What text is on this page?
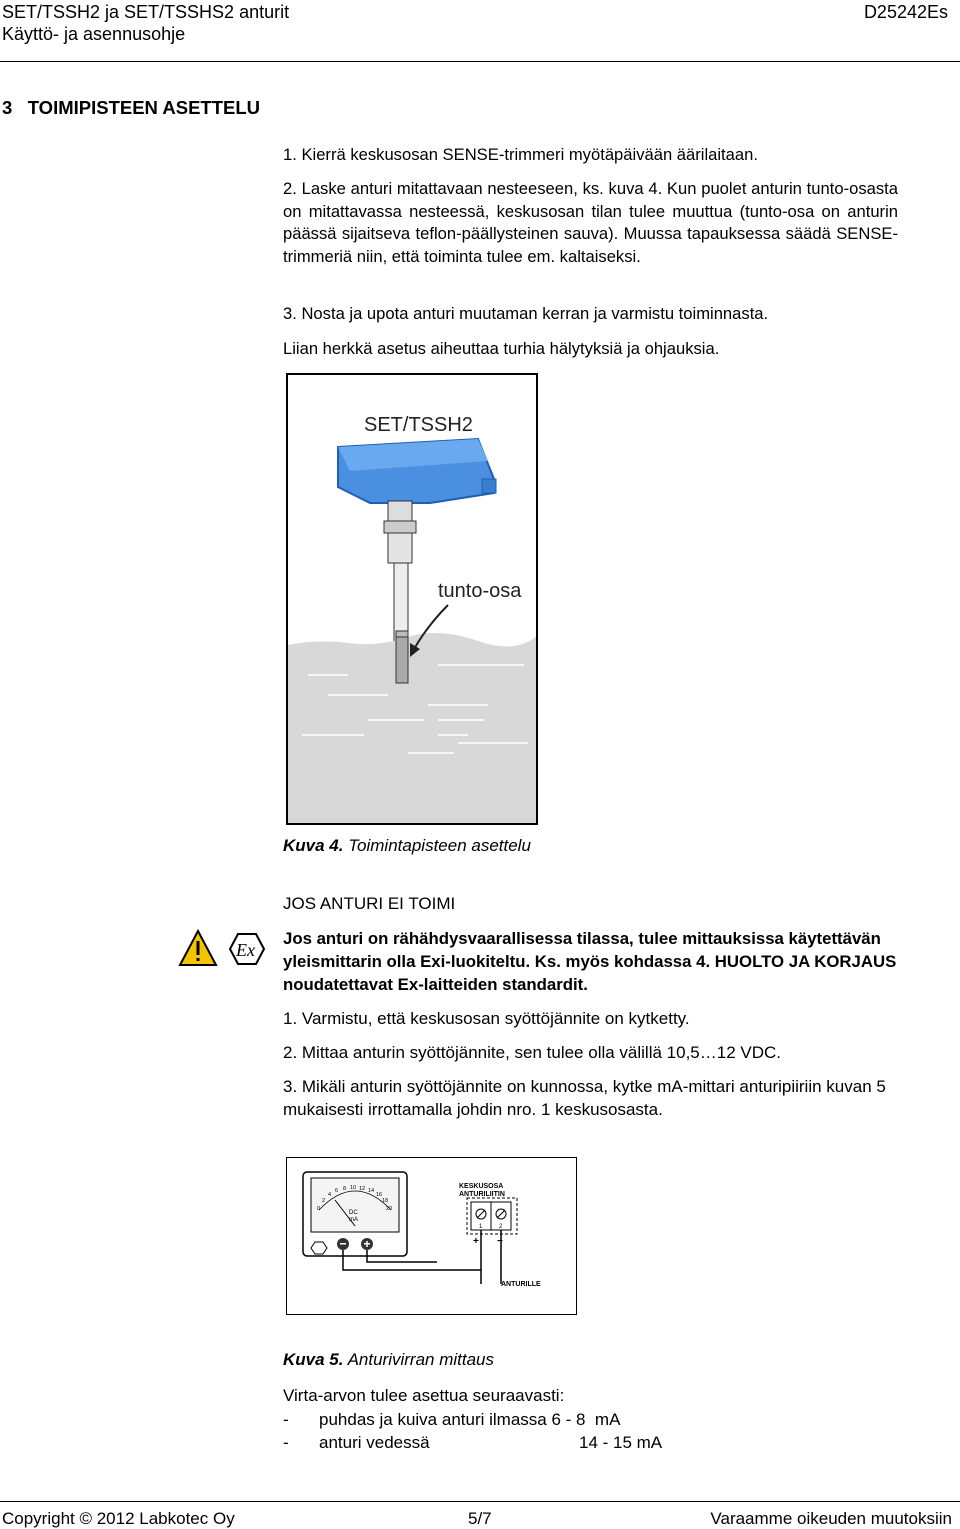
SET/TSSH2 ja SET/TSSHS2 anturit
Käyttö- ja asennusohje
D25242Es
3   TOIMIPISTEEN ASETTELU
1. Kierrä keskusosan SENSE-trimmeri myötäpäivään äärilaitaan.
2. Laske anturi mitattavaan nesteeseen, ks. kuva 4. Kun puolet anturin tunto-osasta on mitattavassa nesteessä, keskusosan tilan tulee muuttua (tunto-osa on anturin päässä sijaitseva teflon-päällysteinen sauva). Muussa tapauksessa säädä SENSE-trimmeriä niin, että toiminta tulee em. kaltaiseksi.
3. Nosta ja upota anturi muutaman kerran ja varmistu toiminnasta.
Liian herkkä asetus aiheuttaa turhia hälytyksiä ja ohjauksia.
SET/TSSH2
tunto-osa
Kuva 4. Toimintapisteen asettelu
JOS ANTURI EI TOIMI
Ex
Jos anturi on rähähdysvaarallisessa tilassa, tulee mittauksissa käytettävän yleismittarin olla Exi-luokiteltu. Ks. myös kohdassa 4. HUOLTO JA KORJAUS noudatettavat Ex-laitteiden standardit.
1. Varmistu, että keskusosan syöttöjännite on kytketty.
2. Mittaa anturin syöttöjännite, sen tulee olla välillä 10,5…12 VDC.
3. Mikäli anturin syöttöjännite on kunnossa, kytke mA-mittari anturipiiriin kuvan 5 mukaisesti irrottamalla johdin nro. 1 keskusosasta.
0
2
4
6 8 10 12 14
16
18
20
DC
mA
KESKUSOSA
ANTURILIITIN
1	2
+ −
ANTURILLE
Kuva 5. Anturivirran mittaus
Virta-arvon tulee asettua seuraavasti:
-	puhdas ja kuiva anturi ilmassa 6 - 8  mA
-	anturi vedessä	14 - 15 mA
Copyright © 2012 Labkotec Oy	5/7	Varaamme oikeuden muutoksiin
